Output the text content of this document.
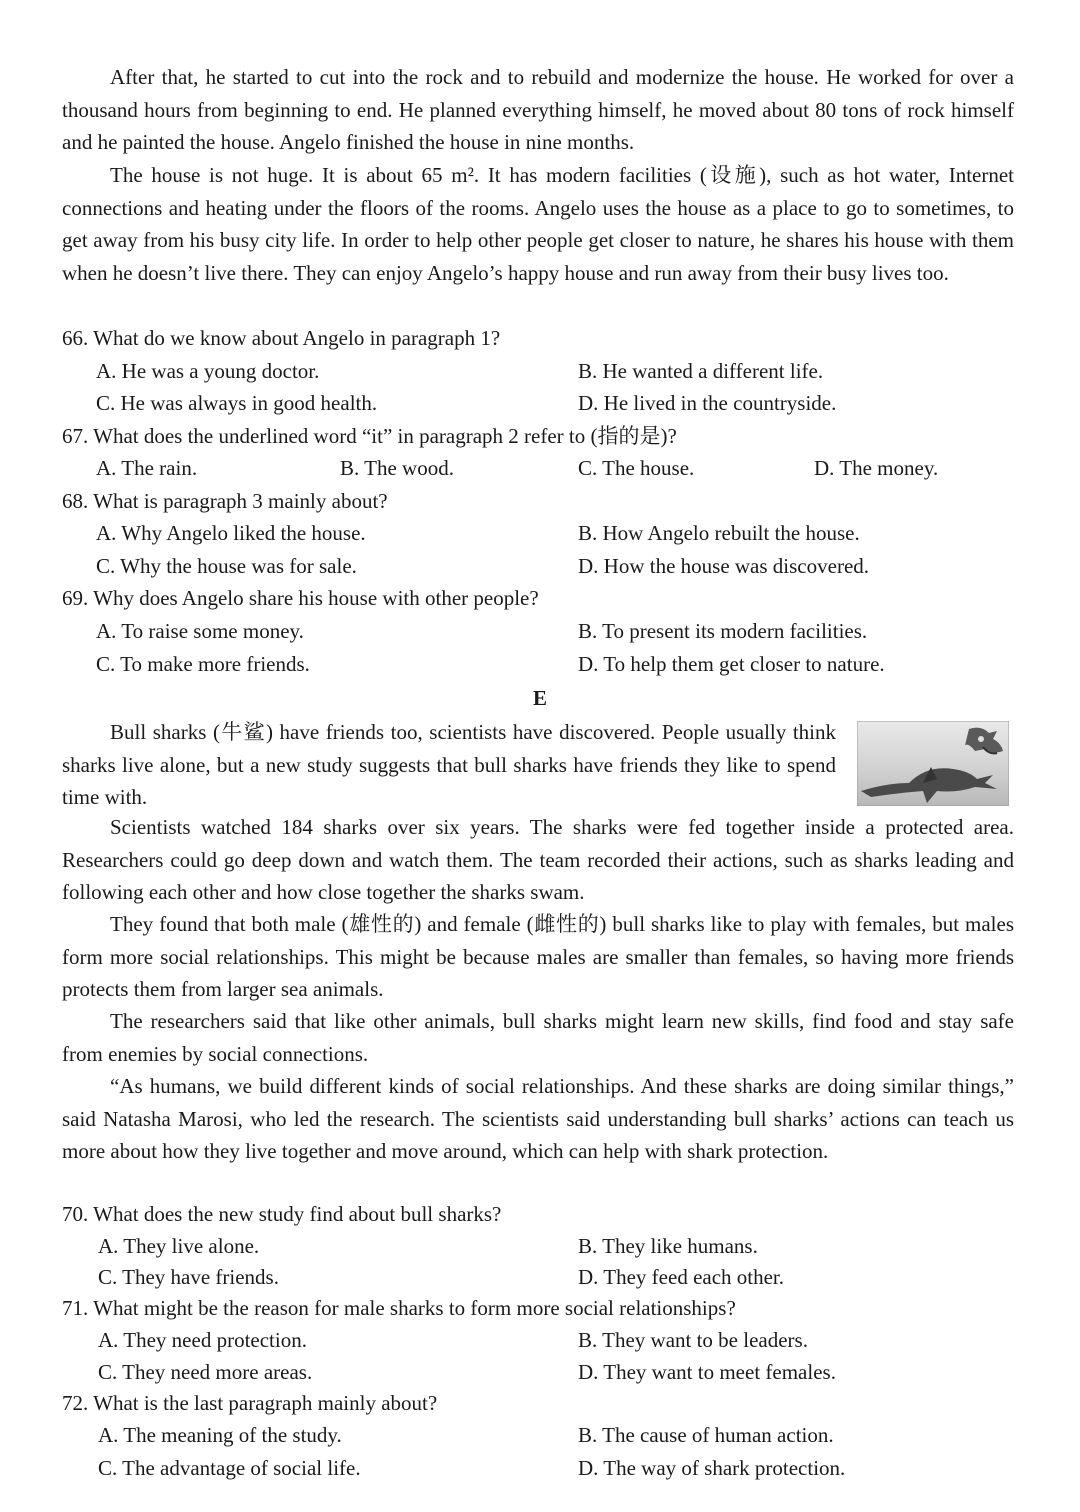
After that, he started to cut into the rock and to rebuild and modernize the house. He worked for over a thousand hours from beginning to end. He planned everything himself, he moved about 80 tons of rock himself and he painted the house. Angelo finished the house in nine months.

The house is not huge. It is about 65 m². It has modern facilities (设施), such as hot water, Internet connections and heating under the floors of the rooms. Angelo uses the house as a place to go to sometimes, to get away from his busy city life. In order to help other people get closer to nature, he shares his house with them when he doesn’t live there. They can enjoy Angelo’s happy house and run away from their busy lives too.

66. What do we know about Angelo in paragraph 1?

A. He was a young doctor.	B. He wanted a different life.

C. He was always in good health.	D. He lived in the countryside.

67. What does the underlined word “it” in paragraph 2 refer to (指的是)?

A. The rain.	B. The wood.	C. The house.	D. The money.

68. What is paragraph 3 mainly about?

A. Why Angelo liked the house.	B. How Angelo rebuilt the house.

C. Why the house was for sale.	D. How the house was discovered.

69. Why does Angelo share his house with other people?

A. To raise some money.	B. To present its modern facilities.

C. To make more friends.	D. To help them get closer to nature.

E

Bull sharks (牛鲨) have friends too, scientists have discovered. People usually think sharks live alone, but a new study suggests that bull sharks have friends they like to spend time with.

Scientists watched 184 sharks over six years. The sharks were fed together inside a protected area. Researchers could go deep down and watch them. The team recorded their actions, such as sharks leading and following each other and how close together the sharks swam.

They found that both male (雄性的) and female (雌性的) bull sharks like to play with females, but males form more social relationships. This might be because males are smaller than females, so having more friends protects them from larger sea animals.

The researchers said that like other animals, bull sharks might learn new skills, find food and stay safe from enemies by social connections.

“As humans, we build different kinds of social relationships. And these sharks are doing similar things,” said Natasha Marosi, who led the research. The scientists said understanding bull sharks’ actions can teach us more about how they live together and move around, which can help with shark protection.

70. What does the new study find about bull sharks?

A. They live alone.	B. They like humans.

C. They have friends.	D. They feed each other.

71. What might be the reason for male sharks to form more social relationships?

A. They need protection.	B. They want to be leaders.

C. They need more areas.	D. They want to meet females.

72. What is the last paragraph mainly about?

A. The meaning of the study.	B. The cause of human action.

C. The advantage of social life.	D. The way of shark protection.
